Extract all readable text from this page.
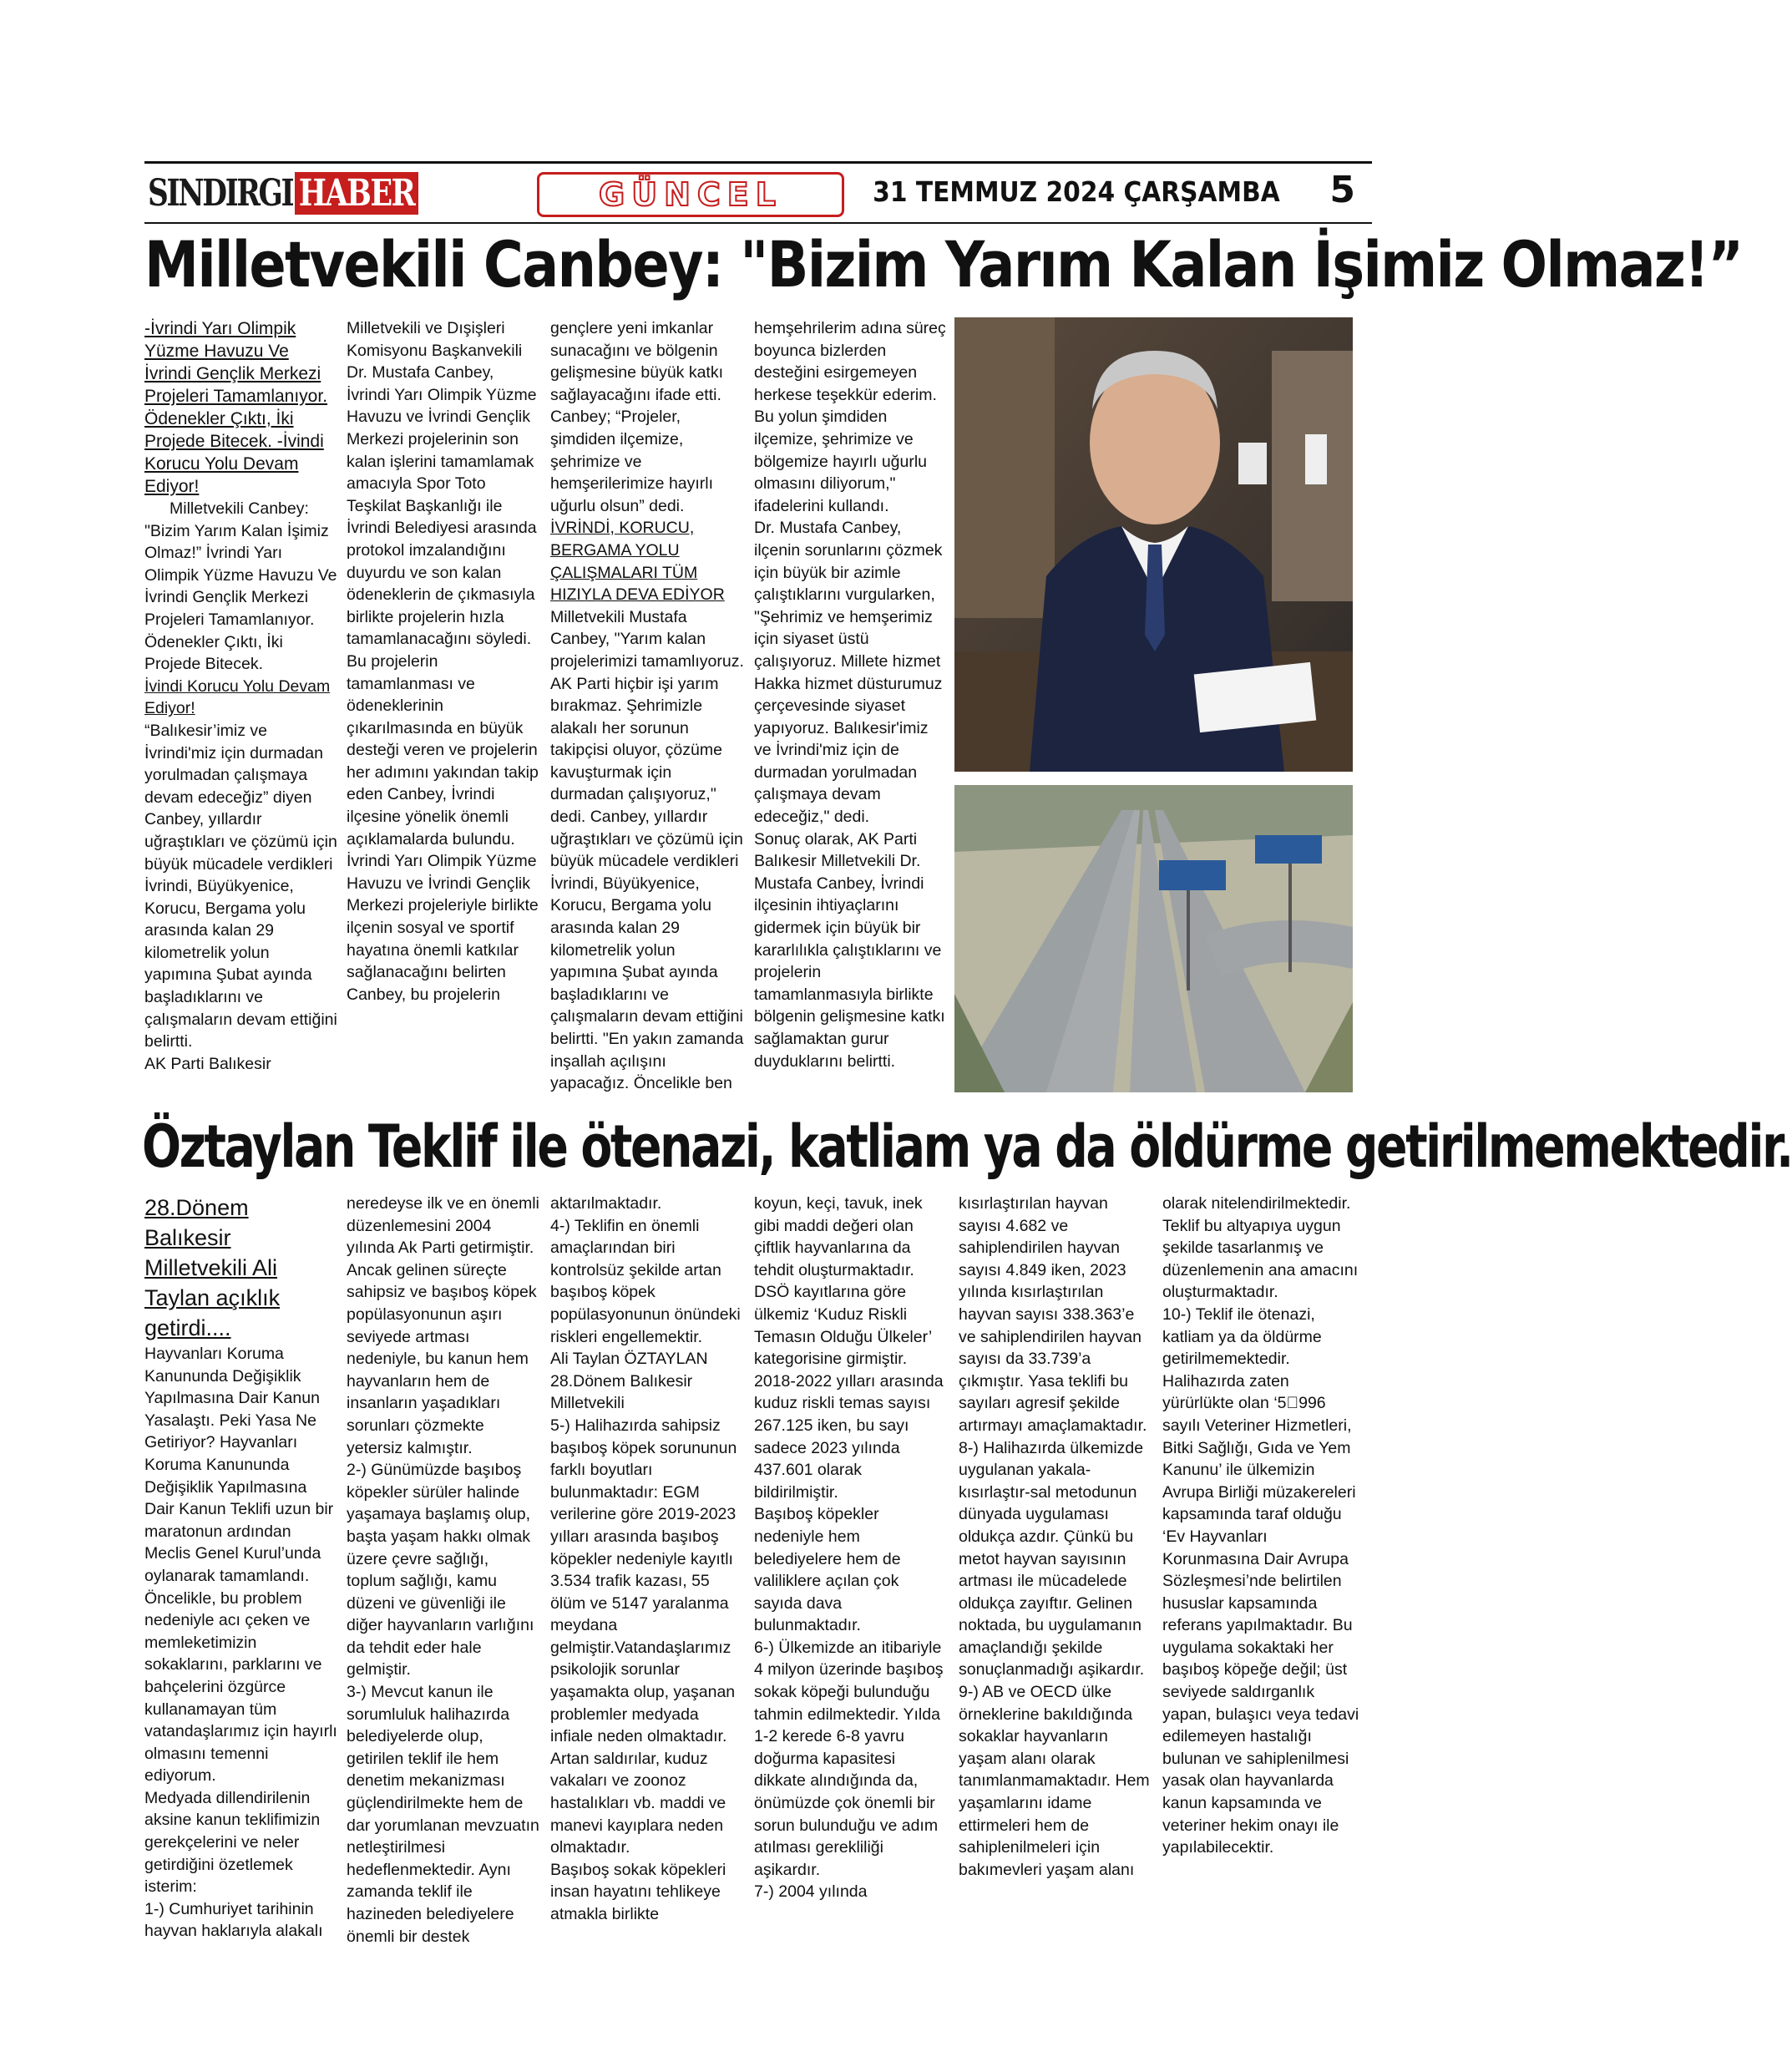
SINDIRGI HABER	GÜNCEL	31 TEMMUZ 2024 ÇARŞAMBA 5
Milletvekili Canbey: "Bizim Yarım Kalan İşimiz Olmaz!”

-İvrindi Yarı Olimpik Yüzme Havuzu Ve İvrindi Gençlik Merkezi Projeleri Tamamlanıyor. Ödenekler Çıktı, İki Projede Bitecek. -İvindi Korucu Yolu Devam Ediyor!

Milletvekili Canbey: "Bizim Yarım Kalan İşimiz Olmaz!” İvrindi Yarı Olimpik Yüzme Havuzu Ve İvrindi Gençlik Merkezi Projeleri Tamamlanıyor. Ödenekler Çıktı, İki Projede Bitecek.

İvindi Korucu Yolu Devam Ediyor!

“Balıkesir’imiz ve İvrindi'miz için durmadan yorulmadan çalışmaya devam edeceğiz” diyen Canbey, yıllardır uğraştıkları ve çözümü için büyük mücadele verdikleri İvrindi, Büyükyenice, Korucu, Bergama yolu arasında kalan 29 kilometrelik yolun yapımına Şubat ayında başladıklarını ve çalışmaların devam ettiğini belirtti.

AK Parti Balıkesir

Milletvekili ve Dışişleri Komisyonu Başkanvekili Dr. Mustafa Canbey, İvrindi Yarı Olimpik Yüzme Havuzu ve İvrindi Gençlik Merkezi projelerinin son kalan işlerini tamamlamak amacıyla Spor Toto Teşkilat Başkanlığı ile İvrindi Belediyesi arasında protokol imzalandığını duyurdu ve son kalan ödeneklerin de çıkmasıyla birlikte projelerin hızla tamamlanacağını söyledi.

Bu projelerin tamamlanması ve ödeneklerinin çıkarılmasında en büyük desteği veren ve projelerin her adımını yakından takip eden Canbey, İvrindi ilçesine yönelik önemli açıklamalarda bulundu.

İvrindi Yarı Olimpik Yüzme Havuzu ve İvrindi Gençlik Merkezi projeleriyle birlikte ilçenin sosyal ve sportif hayatına önemli katkılar sağlanacağını belirten Canbey, bu projelerin

gençlere yeni imkanlar sunacağını ve bölgenin gelişmesine büyük katkı sağlayacağını ifade etti. Canbey; “Projeler, şimdiden ilçemize, şehrimize ve hemşerilerimize hayırlı uğurlu olsun” dedi.

İVRİNDİ, KORUCU, BERGAMA YOLU ÇALIŞMALARI TÜM HIZIYLA DEVA EDİYOR

Milletvekili Mustafa Canbey, "Yarım kalan projelerimizi tamamlıyoruz. AK Parti hiçbir işi yarım bırakmaz. Şehrimizle alakalı her sorunun takipçisi oluyor, çözüme kavuşturmak için durmadan çalışıyoruz," dedi. Canbey, yıllardır uğraştıkları ve çözümü için büyük mücadele verdikleri İvrindi, Büyükyenice, Korucu, Bergama yolu arasında kalan 29 kilometrelik yolun yapımına Şubat ayında başladıklarını ve çalışmaların devam ettiğini belirtti. "En yakın zamanda inşallah açılışını yapacağız. Öncelikle ben

hemşehrilerim adına süreç boyunca bizlerden desteğini esirgemeyen herkese teşekkür ederim. Bu yolun şimdiden ilçemize, şehrimize ve bölgemize hayırlı uğurlu olmasını diliyorum," ifadelerini kullandı.

Dr. Mustafa Canbey, ilçenin sorunlarını çözmek için büyük bir azimle çalıştıklarını vurgularken, "Şehrimiz ve hemşerimiz için siyaset üstü çalışıyoruz. Millete hizmet Hakka hizmet düsturumuz çerçevesinde siyaset yapıyoruz. Balıkesir'imiz ve İvrindi'miz için de durmadan yorulmadan çalışmaya devam edeceğiz," dedi.

Sonuç olarak, AK Parti Balıkesir Milletvekili Dr. Mustafa Canbey, İvrindi ilçesinin ihtiyaçlarını gidermek için büyük bir kararlılıkla çalıştıklarını ve projelerin tamamlanmasıyla birlikte bölgenin gelişmesine katkı sağlamaktan gurur duyduklarını belirtti.

Öztaylan Teklif ile ötenazi, katliam ya da öldürme getirilmemektedir.

28.Dönem Balıkesir Milletvekili Ali Taylan açıklık getirdi....

Hayvanları Koruma Kanununda Değişiklik Yapılmasına Dair Kanun Yasalaştı. Peki Yasa Ne Getiriyor? Hayvanları Koruma Kanununda Değişiklik Yapılmasına Dair Kanun Teklifi uzun bir maratonun ardından Meclis Genel Kurul’unda oylanarak tamamlandı. Öncelikle, bu problem nedeniyle acı çeken ve memleketimizin sokaklarını, parklarını ve bahçelerini özgürce kullanamayan tüm vatandaşlarımız için hayırlı olmasını temenni ediyorum.

Medyada dillendirilenin aksine kanun teklifimizin gerekçelerini ve neler getirdiğini özetlemek isterim:

1-) Cumhuriyet tarihinin hayvan haklarıyla alakalı

neredeyse ilk ve en önemli düzenlemesini 2004 yılında Ak Parti getirmiştir. Ancak gelinen süreçte sahipsiz ve başıboş köpek popülasyonunun aşırı seviyede artması nedeniyle, bu kanun hem hayvanların hem de insanların yaşadıkları sorunları çözmekte yetersiz kalmıştır.

2-) Günümüzde başıboş köpekler sürüler halinde yaşamaya başlamış olup, başta yaşam hakkı olmak üzere çevre sağlığı, toplum sağlığı, kamu düzeni ve güvenliği ile diğer hayvanların varlığını da tehdit eder hale gelmiştir.

3-) Mevcut kanun ile sorumluluk halihazırda belediyelerde olup, getirilen teklif ile hem denetim mekanizması güçlendirilmekte hem de dar yorumlanan mevzuatın netleştirilmesi hedeflenmektedir. Aynı zamanda teklif ile hazineden belediyelere önemli bir destek

aktarılmaktadır.

4-) Teklifin en önemli amaçlarından biri kontrolsüz şekilde artan başıboş köpek popülasyonunun önündeki riskleri engellemektir.

Ali Taylan ÖZTAYLAN 28.Dönem Balıkesir Milletvekili

5-) Halihazırda sahipsiz başıboş köpek sorununun farklı boyutları bulunmaktadır: EGM verilerine göre 2019-2023 yılları arasında başıboş köpekler nedeniyle kayıtlı 3.534 trafik kazası, 55 ölüm ve 5147 yaralanma meydana gelmiştir.Vatandaşlarımız psikolojik sorunlar yaşamakta olup, yaşanan problemler medyada infiale neden olmaktadır.

Artan saldırılar, kuduz vakaları ve zoonoz hastalıkları vb. maddi ve manevi kayıplara neden olmaktadır.

Başıboş sokak köpekleri insan hayatını tehlikeye atmakla birlikte

koyun, keçi, tavuk, inek gibi maddi değeri olan çiftlik hayvanlarına da tehdit oluşturmaktadır.

DSÖ kayıtlarına göre ülkemiz ‘Kuduz Riskli Temasın Olduğu Ülkeler’ kategorisine girmiştir. 2018-2022 yılları arasında kuduz riskli temas sayısı 267.125 iken, bu sayı sadece 2023 yılında 437.601 olarak bildirilmiştir.

Başıboş köpekler nedeniyle hem belediyelere hem de valiliklere açılan çok sayıda dava bulunmaktadır.

6-) Ülkemizde an itibariyle 4 milyon üzerinde başıboş sokak köpeği bulunduğu tahmin edilmektedir. Yılda 1-2 kerede 6-8 yavru doğurma kapasitesi dikkate alındığında da, önümüzde çok önemli bir sorun bulunduğu ve adım atılması gerekliliği aşikardır.

7-) 2004 yılında

kısırlaştırılan hayvan sayısı 4.682 ve sahiplendirilen hayvan sayısı 4.849 iken, 2023 yılında kısırlaştırılan hayvan sayısı 338.363’e ve sahiplendirilen hayvan sayısı da 33.739’a çıkmıştır. Yasa teklifi bu sayıları agresif şekilde artırmayı amaçlamaktadır.

8-) Halihazırda ülkemizde uygulanan yakala-kısırlaştır-sal metodunun dünyada uygulaması oldukça azdır. Çünkü bu metot hayvan sayısının artması ile mücadelede oldukça zayıftır. Gelinen noktada, bu uygulamanın amaçlandığı şekilde sonuçlanmadığı aşikardır.

9-) AB ve OECD ülke örneklerine bakıldığında sokaklar hayvanların yaşam alanı olarak tanımlanmamaktadır. Hem yaşamlarını idame ettirmeleri hem de sahiplenilmeleri için bakımevleri yaşam alanı

olarak nitelendirilmektedir.

Teklif bu altyapıya uygun şekilde tasarlanmış ve düzenlemenin ana amacını oluşturmaktadır.

10-) Teklif ile ötenazi, katliam ya da öldürme getirilmemektedir.

Halihazırda zaten yürürlükte olan ‘5 996 sayılı Veteriner Hizmetleri, Bitki Sağlığı, Gıda ve Yem Kanunu’ ile ülkemizin Avrupa Birliği müzakereleri kapsamında taraf olduğu ‘Ev Hayvanları Korunmasına Dair Avrupa Sözleşmesi’nde belirtilen hususlar kapsamında referans yapılmaktadır. Bu uygulama sokaktaki her başıboş köpeğe değil; üst seviyede saldırganlık yapan, bulaşıcı veya tedavi edilemeyen hastalığı bulunan ve sahiplenilmesi yasak olan hayvanlarda kanun kapsamında ve veteriner hekim onayı ile yapılabilecektir.
